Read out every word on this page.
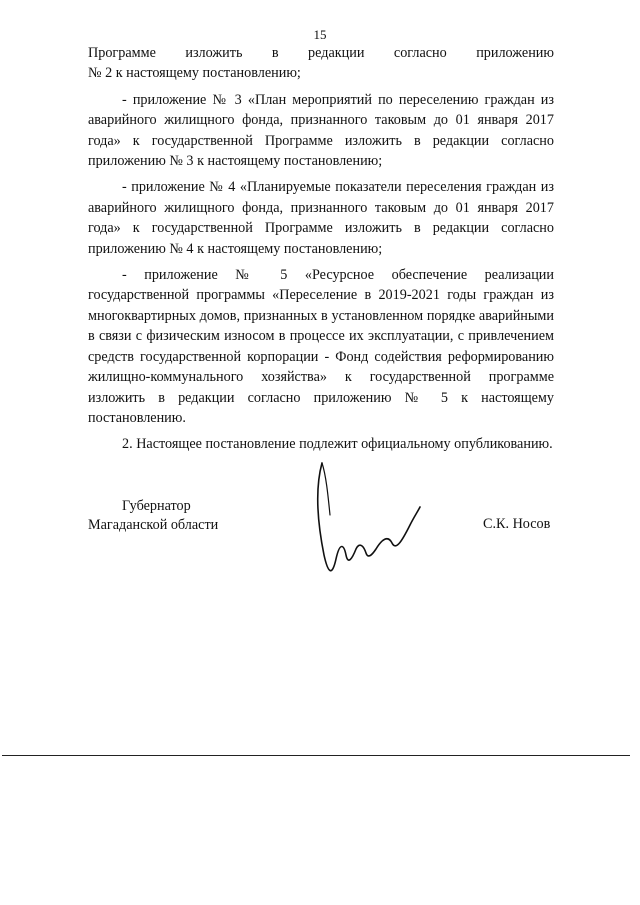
15

Программе изложить в редакции согласно приложению

№ 2 к настоящему постановлению;

- приложение № 3 «План мероприятий по переселению граждан из аварийного жилищного фонда, признанного таковым до 01 января 2017 года» к государственной Программе изложить в редакции согласно приложению № 3 к настоящему постановлению;

- приложение № 4 «Планируемые показатели переселения граждан из аварийного жилищного фонда, признанного таковым до 01 января 2017 года» к государственной Программе изложить в редакции согласно приложению № 4 к настоящему постановлению;

- приложение № 5 «Ресурсное обеспечение реализации государственной программы «Переселение в 2019-2021 годы граждан из многоквартирных домов, признанных в установленном порядке аварийными в связи с физическим износом в процессе их эксплуатации, с привлечением средств государственной корпорации - Фонд содействия реформированию жилищно-коммунального хозяйства» к государственной программе изложить в редакции согласно приложению № 5 к настоящему постановлению.

2. Настоящее постановление подлежит официальному опубликованию.

Губернатор
Магаданской области	С.К. Носов
